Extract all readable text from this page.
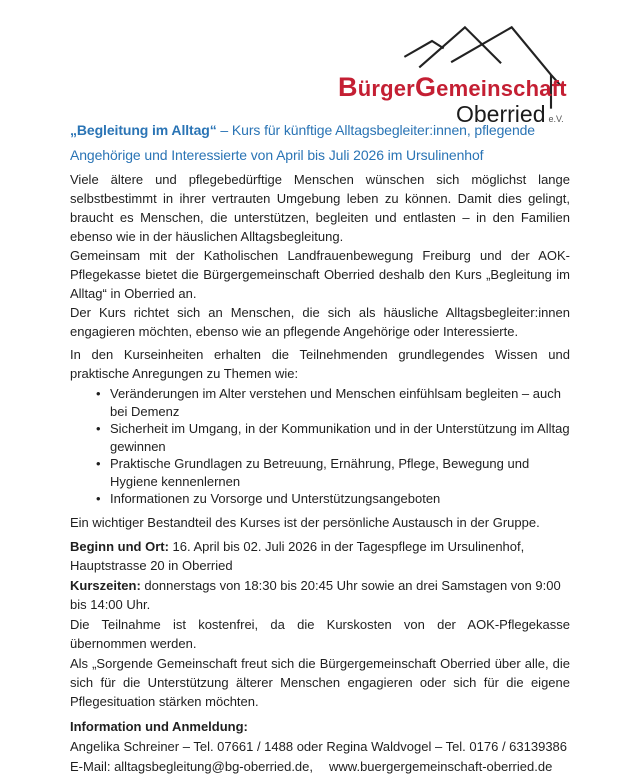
BürgerGemeinschaft
Oberried e.V.
„Begleitung im Alltag“ – Kurs für künftige Alltagsbegleiter:innen, pflegende Angehörige und Interessierte von April bis Juli 2026 im Ursulinenhof

Viele ältere und pflegebedürftige Menschen wünschen sich möglichst lange selbstbestimmt in ihrer vertrauten Umgebung leben zu können. Damit dies gelingt, braucht es Menschen, die unterstützen, begleiten und entlasten – in den Familien ebenso wie in der häuslichen Alltagsbegleitung.

Gemeinsam mit der Katholischen Landfrauenbewegung Freiburg und der AOK-Pflegekasse bietet die Bürgergemeinschaft Oberried deshalb den Kurs „Begleitung im Alltag“ in Oberried an.

Der Kurs richtet sich an Menschen, die sich als häusliche Alltagsbegleiter:innen engagieren möchten, ebenso wie an pflegende Angehörige oder Interessierte.

In den Kurseinheiten erhalten die Teilnehmenden grundlegendes Wissen und praktische Anregungen zu Themen wie:

• Veränderungen im Alter verstehen und Menschen einfühlsam begleiten – auch bei Demenz
• Sicherheit im Umgang, in der Kommunikation und in der Unterstützung im Alltag gewinnen
• Praktische Grundlagen zu Betreuung, Ernährung, Pflege, Bewegung und Hygiene kennenlernen
• Informationen zu Vorsorge und Unterstützungsangeboten

Ein wichtiger Bestandteil des Kurses ist der persönliche Austausch in der Gruppe.

Beginn und Ort: 16. April bis 02. Juli 2026 in der Tagespflege im Ursulinenhof, Hauptstrasse 20 in Oberried

Kurszeiten: donnerstags von 18:30 bis 20:45 Uhr sowie an drei Samstagen von 9:00 bis 14:00 Uhr.

Die Teilnahme ist kostenfrei, da die Kurskosten von der AOK-Pflegekasse übernommen werden.

Als „Sorgende Gemeinschaft freut sich die Bürgergemeinschaft Oberried über alle, die sich für die Unterstützung älterer Menschen engagieren oder sich für die eigene Pflegesituation stärken möchten.

Information und Anmeldung:

Angelika Schreiner – Tel. 07661 / 1488 oder Regina Waldvogel – Tel. 0176 / 63139386

E-Mail: alltagsbegleitung@bg-oberried.de, www.buergergemeinschaft-oberried.de
